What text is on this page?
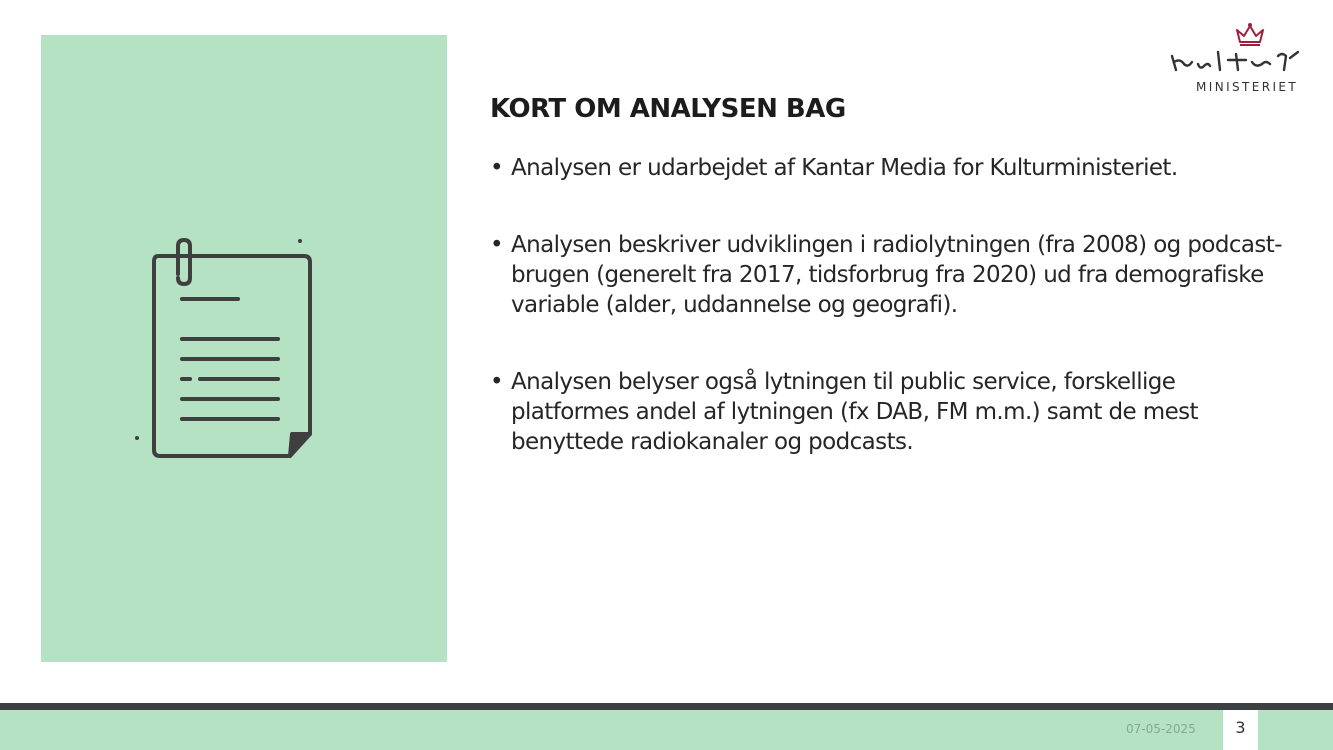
MINISTERIET
KORT OM ANALYSEN BAG
• Analysen er udarbejdet af Kantar Media for Kulturministeriet.
• Analysen beskriver udviklingen i radiolytningen (fra 2008) og podcast-brugen (generelt fra 2017, tidsforbrug fra 2020) ud fra demografiske variable (alder, uddannelse og geografi).
• Analysen belyser også lytningen til public service, forskellige platformes andel af lytningen (fx DAB, FM m.m.) samt de mest benyttede radiokanaler og podcasts.
07-05-2025	3
